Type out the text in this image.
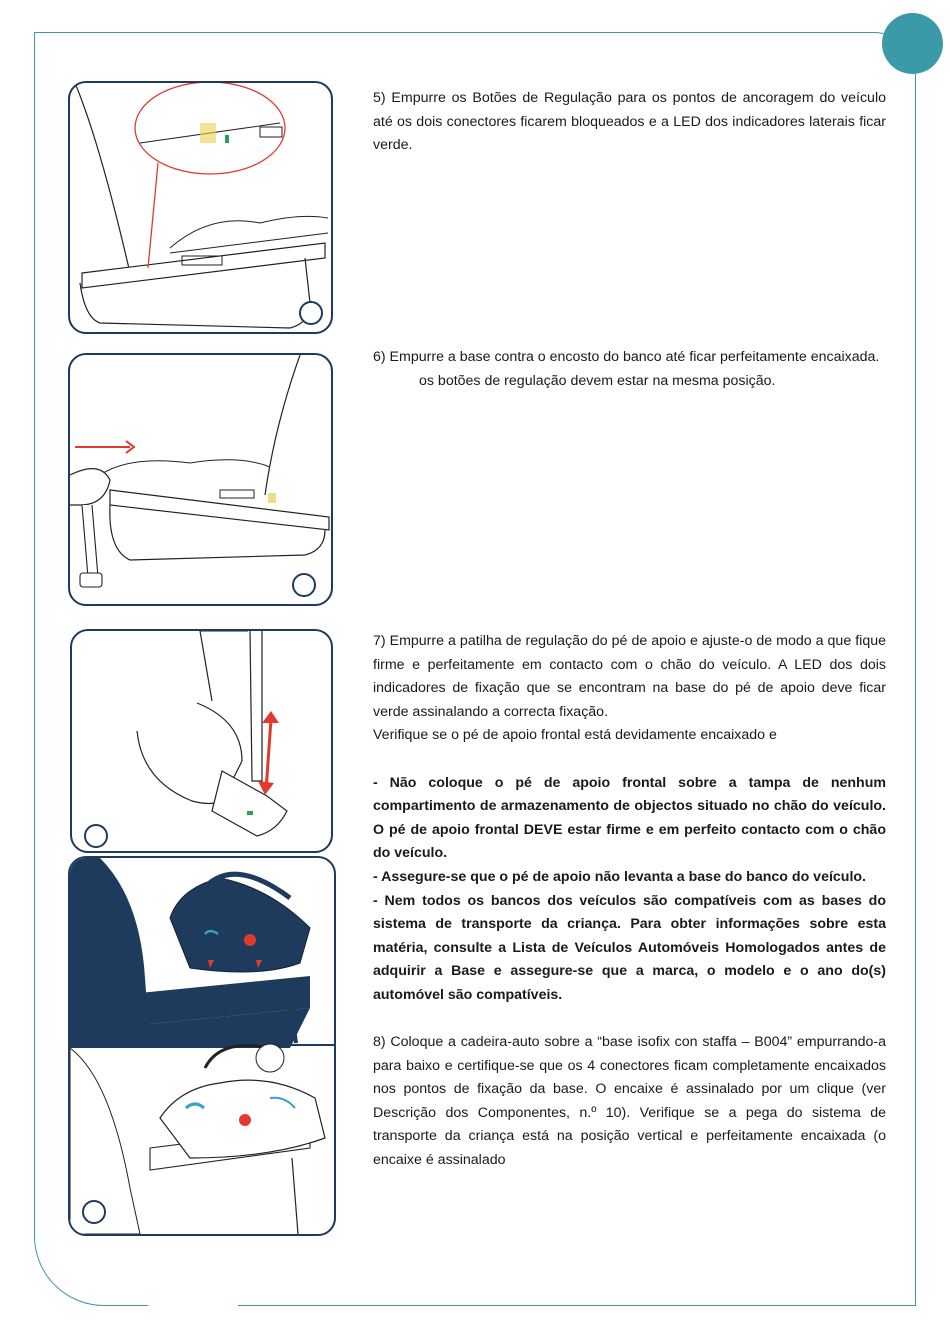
5) Empurre os Botões de Regulação para os pontos de ancoragem do veículo até os dois conectores ficarem bloqueados e a LED dos indicadores laterais ficar verde.

6) Empurre a base contra o encosto do banco até ficar perfeitamente encaixada.

os botões de regulação devem estar na mesma posição.

7) Empurre a patilha de regulação do pé de apoio e ajuste-o de modo a que fique firme e perfeitamente em contacto com o chão do veículo. A LED dos dois indicadores de fixação que se encontram na base do pé de apoio deve ficar verde assinalando a correcta fixação.

Verifique se o pé de apoio frontal está devidamente encaixado e

- Não coloque o pé de apoio frontal sobre a tampa de nenhum compartimento de armazenamento de objectos situado no chão do veículo. O pé de apoio frontal DEVE estar firme e em perfeito contacto com o chão do veículo.

- Assegure-se que o pé de apoio não levanta a base do banco do veículo.

- Nem todos os bancos dos veículos são compatíveis com as bases do sistema de transporte da criança. Para obter informações sobre esta matéria, consulte a Lista de Veículos Automóveis Homologados antes de adquirir a Base e assegure-se que a marca, o modelo e o ano do(s) automóvel são compatíveis.

8) Coloque a cadeira-auto sobre a “base isofix con staffa – B004” empurrando-a para baixo e certifique-se que os 4 conectores ficam completamente encaixados nos pontos de fixação da base. O encaixe é assinalado por um clique (ver Descrição dos Componentes, n.º 10). Verifique se a pega do sistema de transporte da criança está na posição vertical e perfeitamente encaixada (o encaixe é assinalado
